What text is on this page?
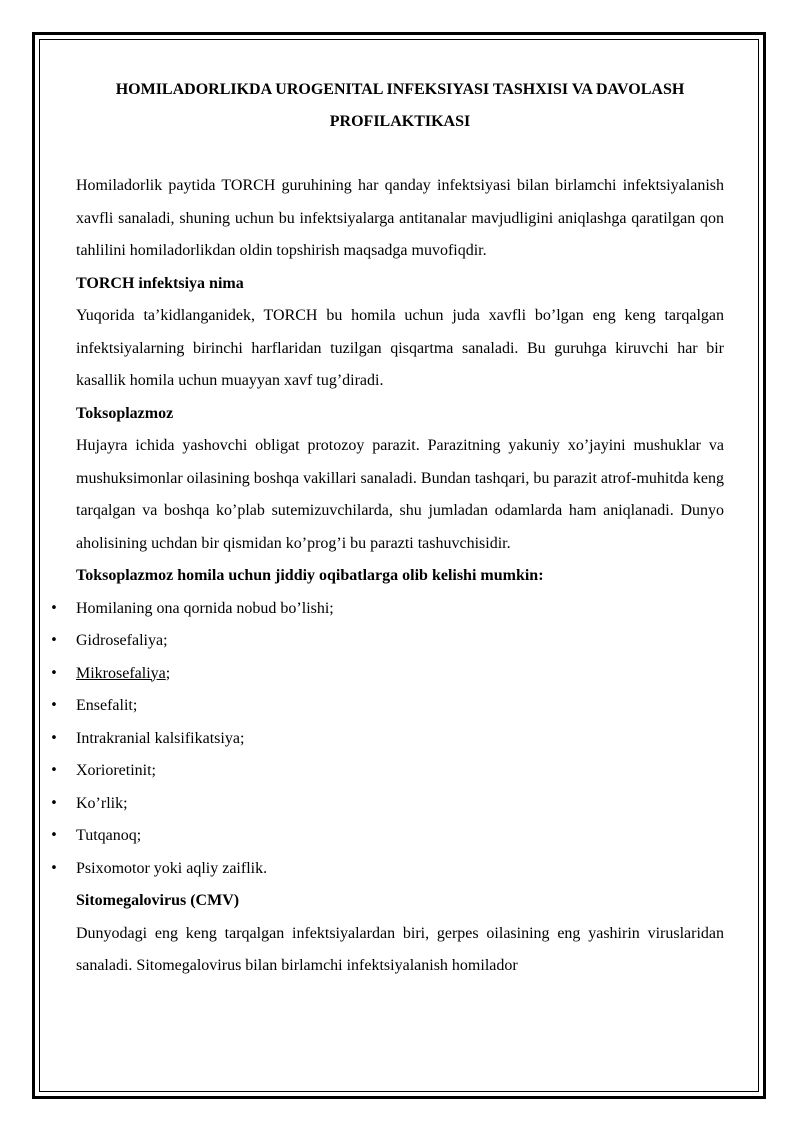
HOMILADORLIKDA UROGENITAL INFEKSIYASI TASHXISI VA DAVOLASH PROFILAKTIKASI

Homiladorlik paytida TORCH guruhining har qanday infektsiyasi bilan birlamchi infektsiyalanish xavfli sanaladi, shuning uchun bu infektsiyalarga antitanalar mavjudligini aniqlashga qaratilgan qon tahlilini homiladorlikdan oldin topshirish maqsadga muvofiqdir.

TORCH infektsiya nima

Yuqorida ta’kidlanganidek, TORCH bu homila uchun juda xavfli bo’lgan eng keng tarqalgan infektsiyalarning birinchi harflaridan tuzilgan qisqartma sanaladi. Bu guruhga kiruvchi har bir kasallik homila uchun muayyan xavf tug’diradi.

Toksoplazmoz

Hujayra ichida yashovchi obligat protozoy parazit. Parazitning yakuniy xo’jayini mushuklar va mushuksimonlar oilasining boshqa vakillari sanaladi. Bundan tashqari, bu parazit atrof-muhitda keng tarqalgan va boshqa ko’plab sutemizuvchilarda, shu jumladan odamlarda ham aniqlanadi. Dunyo aholisining uchdan bir qismidan ko’prog’i bu parazti tashuvchisidir.

Toksoplazmoz homila uchun jiddiy oqibatlarga olib kelishi mumkin:

• Homilaning ona qornida nobud bo’lishi;
• Gidrosefaliya;
• Mikrosefaliya;
• Ensefalit;
• Intrakranial kalsifikatsiya;
• Xorioretinit;
• Ko’rlik;
• Tutqanoq;
• Psixomotor yoki aqliy zaiflik.

Sitomegalovirus (CMV)

Dunyodagi eng keng tarqalgan infektsiyalardan biri, gerpes oilasining eng yashirin viruslaridan sanaladi. Sitomegalovirus bilan birlamchi infektsiyalanish homilador
